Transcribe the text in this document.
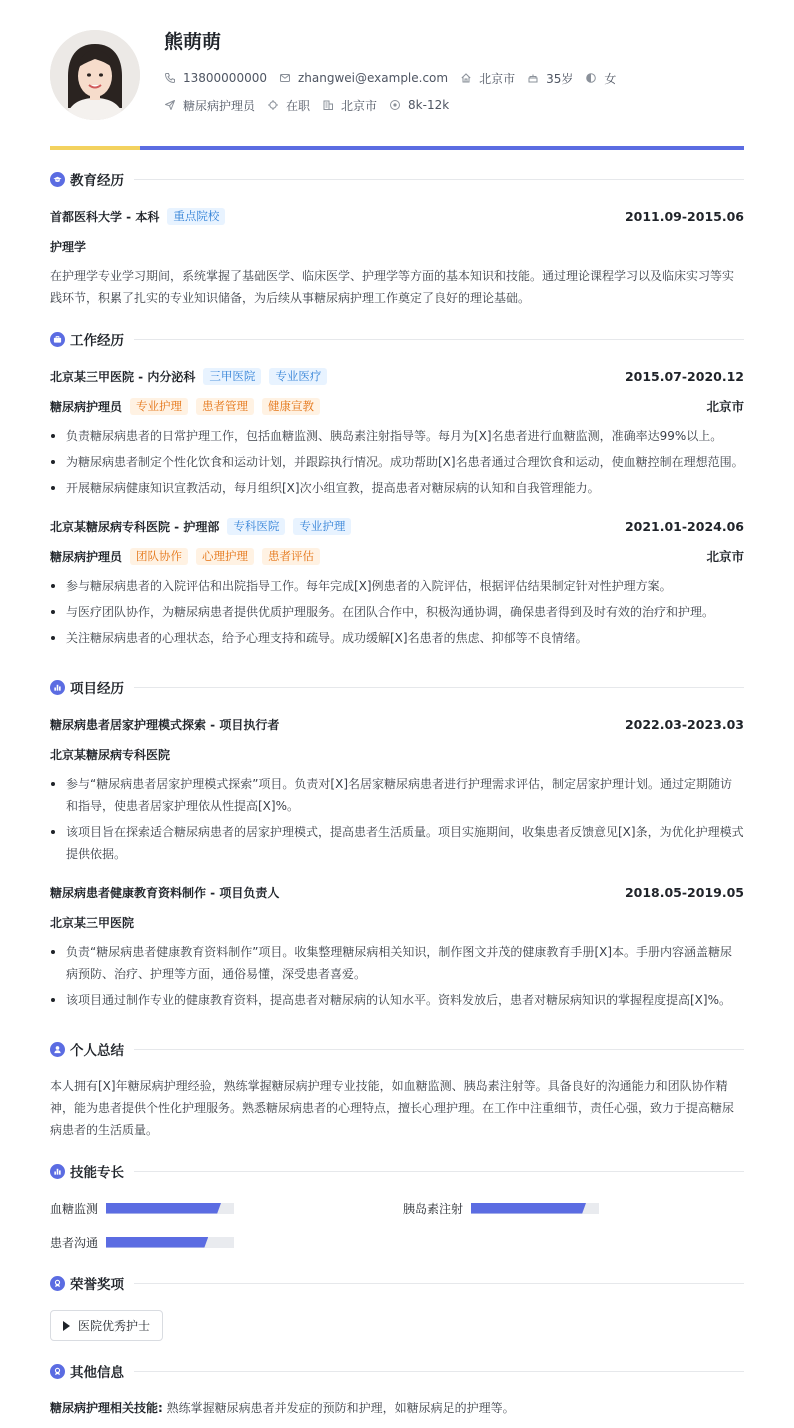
熊萌萌
13800000000	zhangwei@example.com	北京市	35岁	女
糖尿病护理员	在职	北京市	8k-12k
教育经历
首都医科大学 - 本科	重点院校	2011.09-2015.06
护理学
在护理学专业学习期间，系统掌握了基础医学、临床医学、护理学等方面的基本知识和技能。通过理论课程学习以及临床实习等实践环节，积累了扎实的专业知识储备，为后续从事糖尿病护理工作奠定了良好的理论基础。
工作经历
北京某三甲医院 - 内分泌科	三甲医院	专业医疗	2015.07-2020.12
糖尿病护理员	专业护理	患者管理	健康宣教	北京市
负责糖尿病患者的日常护理工作，包括血糖监测、胰岛素注射指导等。每月为[X]名患者进行血糖监测，准确率达99%以上。
为糖尿病患者制定个性化饮食和运动计划，并跟踪执行情况。成功帮助[X]名患者通过合理饮食和运动，使血糖控制在理想范围。
开展糖尿病健康知识宣教活动，每月组织[X]次小组宣教，提高患者对糖尿病的认知和自我管理能力。
北京某糖尿病专科医院 - 护理部	专科医院	专业护理	2021.01-2024.06
糖尿病护理员	团队协作	心理护理	患者评估	北京市
参与糖尿病患者的入院评估和出院指导工作。每年完成[X]例患者的入院评估，根据评估结果制定针对性护理方案。
与医疗团队协作，为糖尿病患者提供优质护理服务。在团队合作中，积极沟通协调，确保患者得到及时有效的治疗和护理。
关注糖尿病患者的心理状态，给予心理支持和疏导。成功缓解[X]名患者的焦虑、抑郁等不良情绪。
项目经历
糖尿病患者居家护理模式探索 - 项目执行者	2022.03-2023.03
北京某糖尿病专科医院
参与“糖尿病患者居家护理模式探索”项目。负责对[X]名居家糖尿病患者进行护理需求评估，制定居家护理计划。通过定期随访和指导，使患者居家护理依从性提高[X]%。
该项目旨在探索适合糖尿病患者的居家护理模式，提高患者生活质量。项目实施期间，收集患者反馈意见[X]条，为优化护理模式提供依据。
糖尿病患者健康教育资料制作 - 项目负责人	2018.05-2019.05
北京某三甲医院
负责“糖尿病患者健康教育资料制作”项目。收集整理糖尿病相关知识，制作图文并茂的健康教育手册[X]本。手册内容涵盖糖尿病预防、治疗、护理等方面，通俗易懂，深受患者喜爱。
该项目通过制作专业的健康教育资料，提高患者对糖尿病的认知水平。资料发放后，患者对糖尿病知识的掌握程度提高[X]%。
个人总结
本人拥有[X]年糖尿病护理经验，熟练掌握糖尿病护理专业技能，如血糖监测、胰岛素注射等。具备良好的沟通能力和团队协作精神，能为患者提供个性化护理服务。熟悉糖尿病患者的心理特点，擅长心理护理。在工作中注重细节，责任心强，致力于提高糖尿病患者的生活质量。
技能专长
血糖监测	胰岛素注射
患者沟通
荣誉奖项
医院优秀护士
其他信息
糖尿病护理相关技能: 熟练掌握糖尿病患者并发症的预防和护理，如糖尿病足的护理等。
